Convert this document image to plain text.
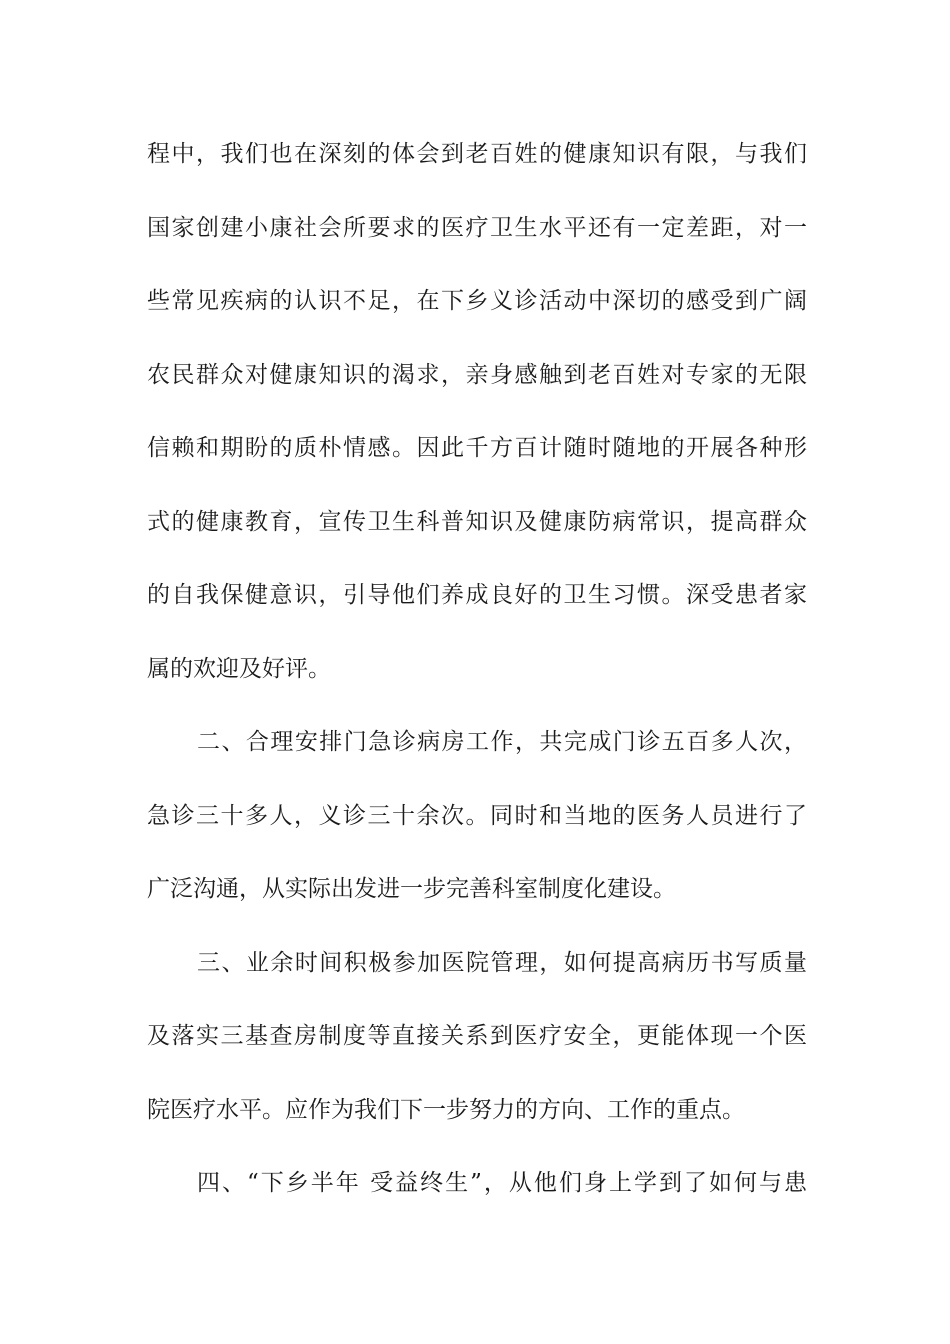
程中，我们也在深刻的体会到老百姓的健康知识有限，与我们
国家创建小康社会所要求的医疗卫生水平还有一定差距，对一
些常见疾病的认识不足，在下乡义诊活动中深切的感受到广阔
农民群众对健康知识的渴求，亲身感触到老百姓对专家的无限
信赖和期盼的质朴情感。因此千方百计随时随地的开展各种形
式的健康教育，宣传卫生科普知识及健康防病常识，提高群众
的自我保健意识，引导他们养成良好的卫生习惯。深受患者家
属的欢迎及好评。
二、合理安排门急诊病房工作，共完成门诊五百多人次，
急诊三十多人，义诊三十余次。同时和当地的医务人员进行了
广泛沟通，从实际出发进一步完善科室制度化建设。
三、业余时间积极参加医院管理，如何提高病历书写质量
及落实三基查房制度等直接关系到医疗安全，更能体现一个医
院医疗水平。应作为我们下一步努力的方向、工作的重点。
四、“下乡半年 受益终生”，从他们身上学到了如何与患
